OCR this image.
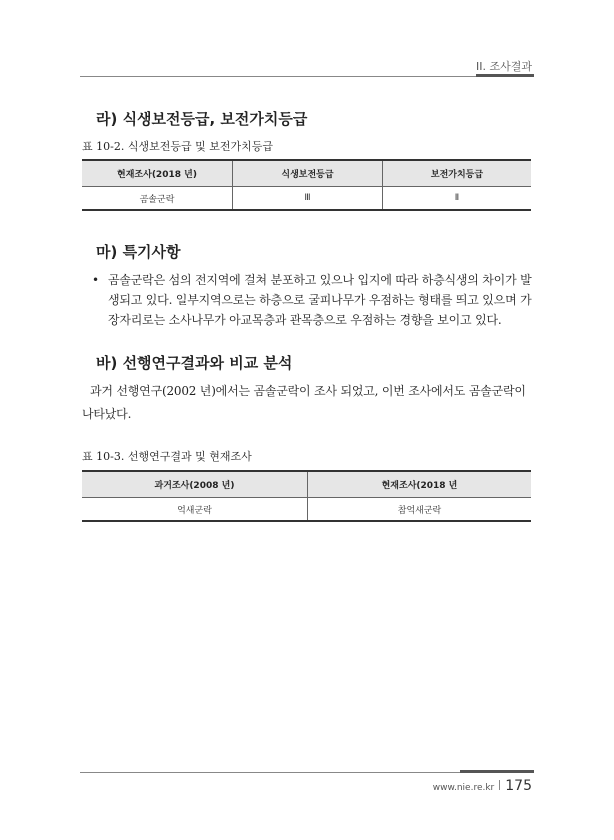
II. 조사결과
라) 식생보전등급, 보전가치등급
표 10-2. 식생보전등급 및 보전가치등급
현재조사(2018 년)	식생보전등급	보전가치등급
곰솔군락	Ⅲ	Ⅱ
마) 특기사항
• 곰솔군락은 섬의 전지역에 걸쳐 분포하고 있으나 입지에 따라 하층식생의 차이가 발생되고 있다. 일부지역으로는 하층으로 굴피나무가 우점하는 형태를 띄고 있으며 가장자리로는 소사나무가 아교목층과 관목층으로 우점하는 경향을 보이고 있다.
바) 선행연구결과와 비교 분석
과거 선행연구(2002 년)에서는 곰솔군락이 조사 되었고, 이번 조사에서도 곰솔군락이 나타났다.
표 10-3. 선행연구결과 및 현재조사
과거조사(2008 년)	현재조사(2018 년
억새군락	참억새군락
www.nie.re.kr 175
